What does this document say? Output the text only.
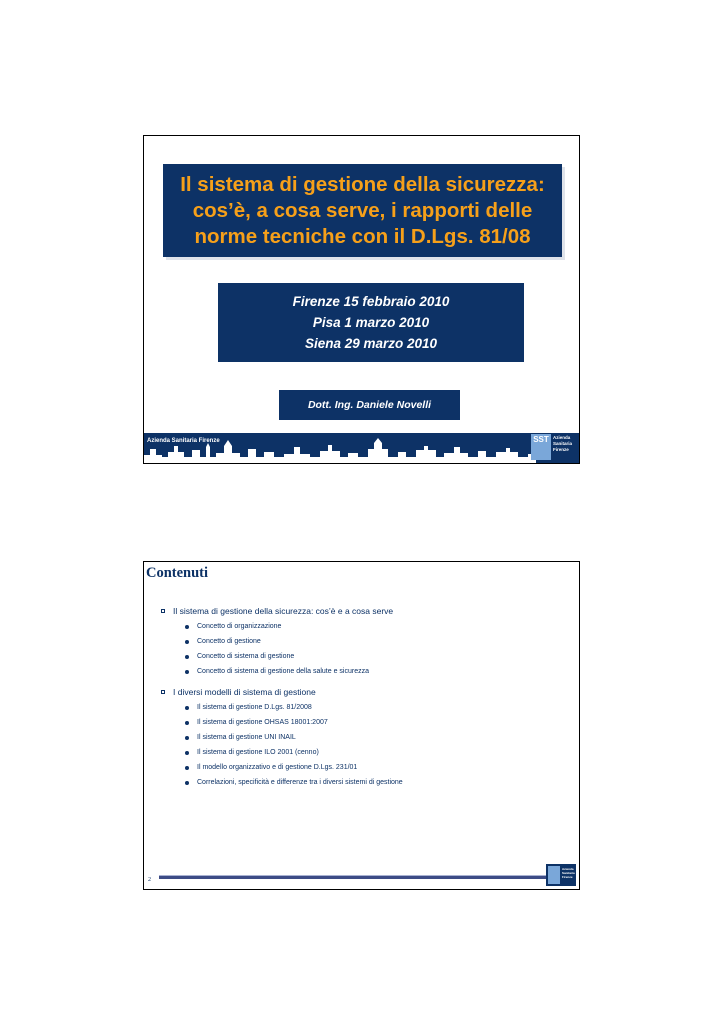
Il sistema di gestione della sicurezza:
cos’è, a cosa serve, i rapporti delle
norme tecniche con il D.Lgs. 81/08
Firenze 15 febbraio 2010
Pisa 1 marzo 2010
Siena 29 marzo 2010
Dott. Ing. Daniele Novelli
Azienda Sanitaria Firenze	SST Azienda
Sanitaria
Firenze
Contenuti
Il sistema di gestione della sicurezza: cos’è e a cosa serve
Concetto di organizzazione
Concetto di gestione
Concetto di sistema di gestione
Concetto di sistema di gestione della salute e sicurezza
I diversi modelli di sistema di gestione
Il sistema di gestione D.Lgs. 81/2008
Il sistema di gestione OHSAS 18001:2007
Il sistema di gestione UNI INAIL
Il sistema di gestione ILO 2001 (cenno)
Il modello organizzativo e di gestione D.Lgs. 231/01
Correlazioni, specificità e differenze tra i diversi sistemi di gestione
2
Azienda
Sanitaria
Firenze
